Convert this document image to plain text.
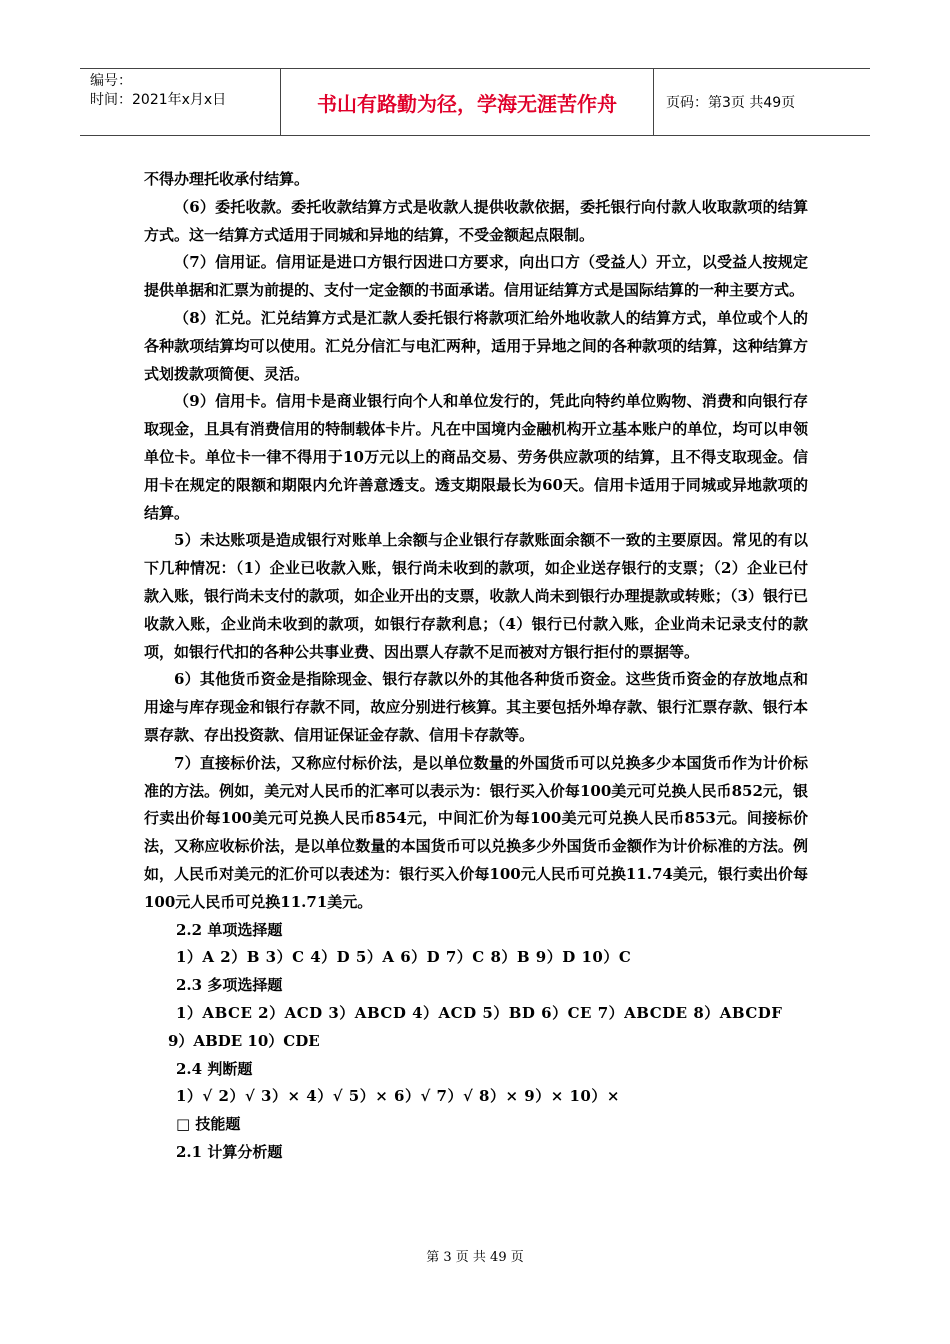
编号：
时间：2021年x月x日	书山有路勤为径，学海无涯苦作舟	页码：第3页 共49页

不得办理托收承付结算。

（6）委托收款。委托收款结算方式是收款人提供收款依据，委托银行向付款人收取款项的结算方式。这一结算方式适用于同城和异地的结算，不受金额起点限制。

（7）信用证。信用证是进口方银行因进口方要求，向出口方（受益人）开立，以受益人按规定提供单据和汇票为前提的、支付一定金额的书面承诺。信用证结算方式是国际结算的一种主要方式。

（8）汇兑。汇兑结算方式是汇款人委托银行将款项汇给外地收款人的结算方式，单位或个人的各种款项结算均可以使用。汇兑分信汇与电汇两种，适用于异地之间的各种款项的结算，这种结算方式划拨款项简便、灵活。

（9）信用卡。信用卡是商业银行向个人和单位发行的，凭此向特约单位购物、消费和向银行存取现金，且具有消费信用的特制载体卡片。凡在中国境内金融机构开立基本账户的单位，均可以申领单位卡。单位卡一律不得用于10万元以上的商品交易、劳务供应款项的结算，且不得支取现金。信用卡在规定的限额和期限内允许善意透支。透支期限最长为60天。信用卡适用于同城或异地款项的结算。

5）未达账项是造成银行对账单上余额与企业银行存款账面余额不一致的主要原因。常见的有以下几种情况：（1）企业已收款入账，银行尚未收到的款项，如企业送存银行的支票；（2）企业已付款入账，银行尚未支付的款项，如企业开出的支票，收款人尚未到银行办理提款或转账；（3）银行已收款入账，企业尚未收到的款项，如银行存款利息；（4）银行已付款入账，企业尚未记录支付的款项，如银行代扣的各种公共事业费、因出票人存款不足而被对方银行拒付的票据等。

6）其他货币资金是指除现金、银行存款以外的其他各种货币资金。这些货币资金的存放地点和用途与库存现金和银行存款不同，故应分别进行核算。其主要包括外埠存款、银行汇票存款、银行本票存款、存出投资款、信用证保证金存款、信用卡存款等。

7）直接标价法，又称应付标价法，是以单位数量的外国货币可以兑换多少本国货币作为计价标准的方法。例如，美元对人民币的汇率可以表示为：银行买入价每100美元可兑换人民币852元，银行卖出价每100美元可兑换人民币854元，中间汇价为每100美元可兑换人民币853元。间接标价法，又称应收标价法，是以单位数量的本国货币可以兑换多少外国货币金额作为计价标准的方法。例如，人民币对美元的汇价可以表述为：银行买入价每100元人民币可兑换11.74美元，银行卖出价每100元人民币可兑换11.71美元。

2.2 单项选择题

1）A 2）B 3）C 4）D 5）A 6）D 7）C 8）B 9）D 10）C

2.3 多项选择题

1）ABCE 2）ACD 3）ABCD 4）ACD 5）BD 6）CE 7）ABCDE 8）ABCDF

9）ABDE 10）CDE

2.4 判断题

1）√ 2）√ 3）× 4）√ 5）× 6）√ 7）√ 8）× 9）× 10）×

□ 技能题

2.1 计算分析题

第 3 页 共 49 页
